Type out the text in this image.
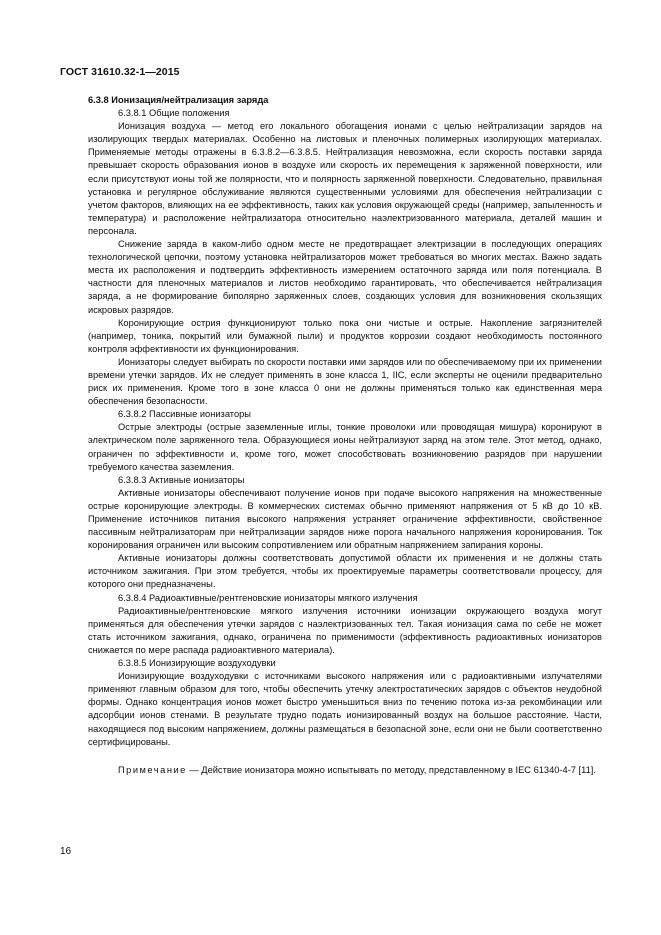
ГОСТ 31610.32-1—2015

6.3.8 Ионизация/нейтрализация заряда

6.3.8.1 Общие положения

Ионизация воздуха — метод его локального обогащения ионами с целью нейтрализации зарядов на изолирующих твердых материалах. Особенно на листовых и пленочных полимерных изолирующих материалах. Применяемые методы отражены в 6.3.8.2—6.3.8.5. Нейтрализация невозможна, если скорость поставки заряда превышает скорость образования ионов в воздухе или скорость их перемещения к заряженной поверхности, или если присутствуют ионы той же полярности, что и полярность заряженной поверхности. Следовательно, правильная установка и регулярное обслуживание являются существенными условиями для обеспечения нейтрализации с учетом факторов, влияющих на ее эффективность, таких как условия окружающей среды (например, запыленность и температура) и расположение нейтрализатора относительно наэлектризованного материала, деталей машин и персонала.

Снижение заряда в каком-либо одном месте не предотвращает электризации в последующих операциях технологической цепочки, поэтому установка нейтрализаторов может требоваться во многих местах. Важно задать места их расположения и подтвердить эффективность измерением остаточного заряда или поля потенциала. В частности для пленочных материалов и листов необходимо гарантировать, что обеспечивается нейтрализация заряда, а не формирование биполярно заряженных слоев, создающих условия для возникновения скользящих искровых разрядов.

Коронирующие острия функционируют только пока они чистые и острые. Накопление загрязнителей (например, тоника, покрытий или бумажной пыли) и продуктов коррозии создают необходимость постоянного контроля эффективности их функционирования.

Ионизаторы следует выбирать по скорости поставки ими зарядов или по обеспечиваемому при их применении времени утечки зарядов. Их не следует применять в зоне класса 1, IIC, если эксперты не оценили предварительно риск их применения. Кроме того в зоне класса 0 они не должны применяться только как единственная мера обеспечения безопасности.

6.3.8.2 Пассивные ионизаторы

Острые электроды (острые заземленные иглы, тонкие проволоки или проводящая мишура) коронируют в электрическом поле заряженного тела. Образующиеся ионы нейтрализуют заряд на этом теле. Этот метод, однако, ограничен по эффективности и, кроме того, может способствовать возникновению разрядов при нарушении требуемого качества заземления.

6.3.8.3 Активные ионизаторы

Активные ионизаторы обеспечивают получение ионов при подаче высокого напряжения на множественные острые коронирующие электроды. В коммерческих системах обычно применяют напряжения от 5 кВ до 10 кВ. Применение источников питания высокого напряжения устраняет ограничение эффективности, свойственное пассивным нейтрализаторам при нейтрализации зарядов ниже порога начального напряжения коронирования. Ток коронирования ограничен или высоким сопротивлением или обратным напряжением запирания короны.

Активные ионизаторы должны соответствовать допустимой области их применения и не должны стать источником зажигания. При этом требуется, чтобы их проектируемые параметры соответствовали процессу, для которого они предназначены.

6.3.8.4 Радиоактивные/рентгеновские ионизаторы мягкого излучения

Радиоактивные/рентгеновские мягкого излучения источники ионизации окружающего воздуха могут применяться для обеспечения утечки зарядов с наэлектризованных тел. Такая ионизация сама по себе не может стать источником зажигания, однако, ограничена по применимости (эффективность радиоактивных ионизаторов снижается по мере распада радиоактивного материала).

6.3.8.5 Ионизирующие воздуходувки

Ионизирующие воздуходувки с источниками высокого напряжения или с радиоактивными излучателями применяют главным образом для того, чтобы обеспечить утечку электростатических зарядов с объектов неудобной формы. Однако концентрация ионов может быстро уменьшиться вниз по течению потока из-за рекомбинации или адсорбции ионов стенами. В результате трудно подать ионизированный воздух на большое расстояние. Части, находящиеся под высоким напряжением, должны размещаться в безопасной зоне, если они не были соответственно сертифицированы.

Примечание — Действие ионизатора можно испытывать по методу, представленному в IEC 61340-4-7 [11].

16
